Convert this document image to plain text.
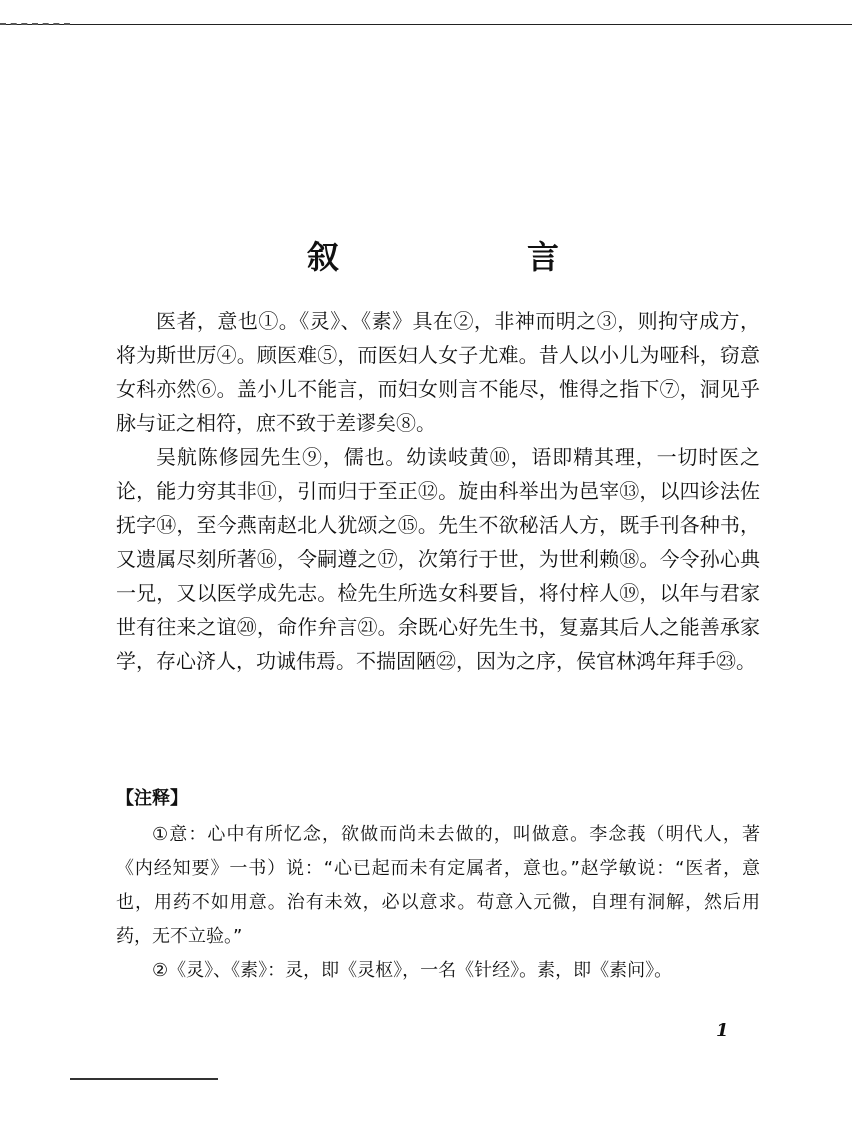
叙　言

医者，意也①。《灵》、《素》具在②，非神而明之③，则拘守成方，将为斯世厉④。顾医难⑤，而医妇人女子尤难。昔人以小儿为哑科，窃意女科亦然⑥。盖小儿不能言，而妇女则言不能尽，惟得之指下⑦，洞见乎脉与证之相符，庶不致于差谬矣⑧。

吴航陈修园先生⑨，儒也。幼读岐黄⑩，语即精其理，一切时医之论，能力穷其非⑪，引而归于至正⑫。旋由科举出为邑宰⑬，以四诊法佐抚字⑭，至今燕南赵北人犹颂之⑮。先生不欲秘活人方，既手刊各种书，又遗属尽刻所著⑯，令嗣遵之⑰，次第行于世，为世利赖⑱。今令孙心典一兄，又以医学成先志。检先生所选女科要旨，将付梓人⑲，以年与君家世有往来之谊⑳，命作弁言㉑。余既心好先生书，复嘉其后人之能善承家学，存心济人，功诚伟焉。不揣固陋㉒，因为之序，侯官林鸿年拜手㉓。

【注释】

①意：心中有所忆念，欲做而尚未去做的，叫做意。李念莪（明代人，著《内经知要》一书）说：“心已起而未有定属者，意也。”赵学敏说：“医者，意也，用药不如用意。治有未效，必以意求。苟意入元微，自理有洞解，然后用药，无不立验。”

②《灵》、《素》：灵，即《灵枢》，一名《针经》。素，即《素问》。

1
